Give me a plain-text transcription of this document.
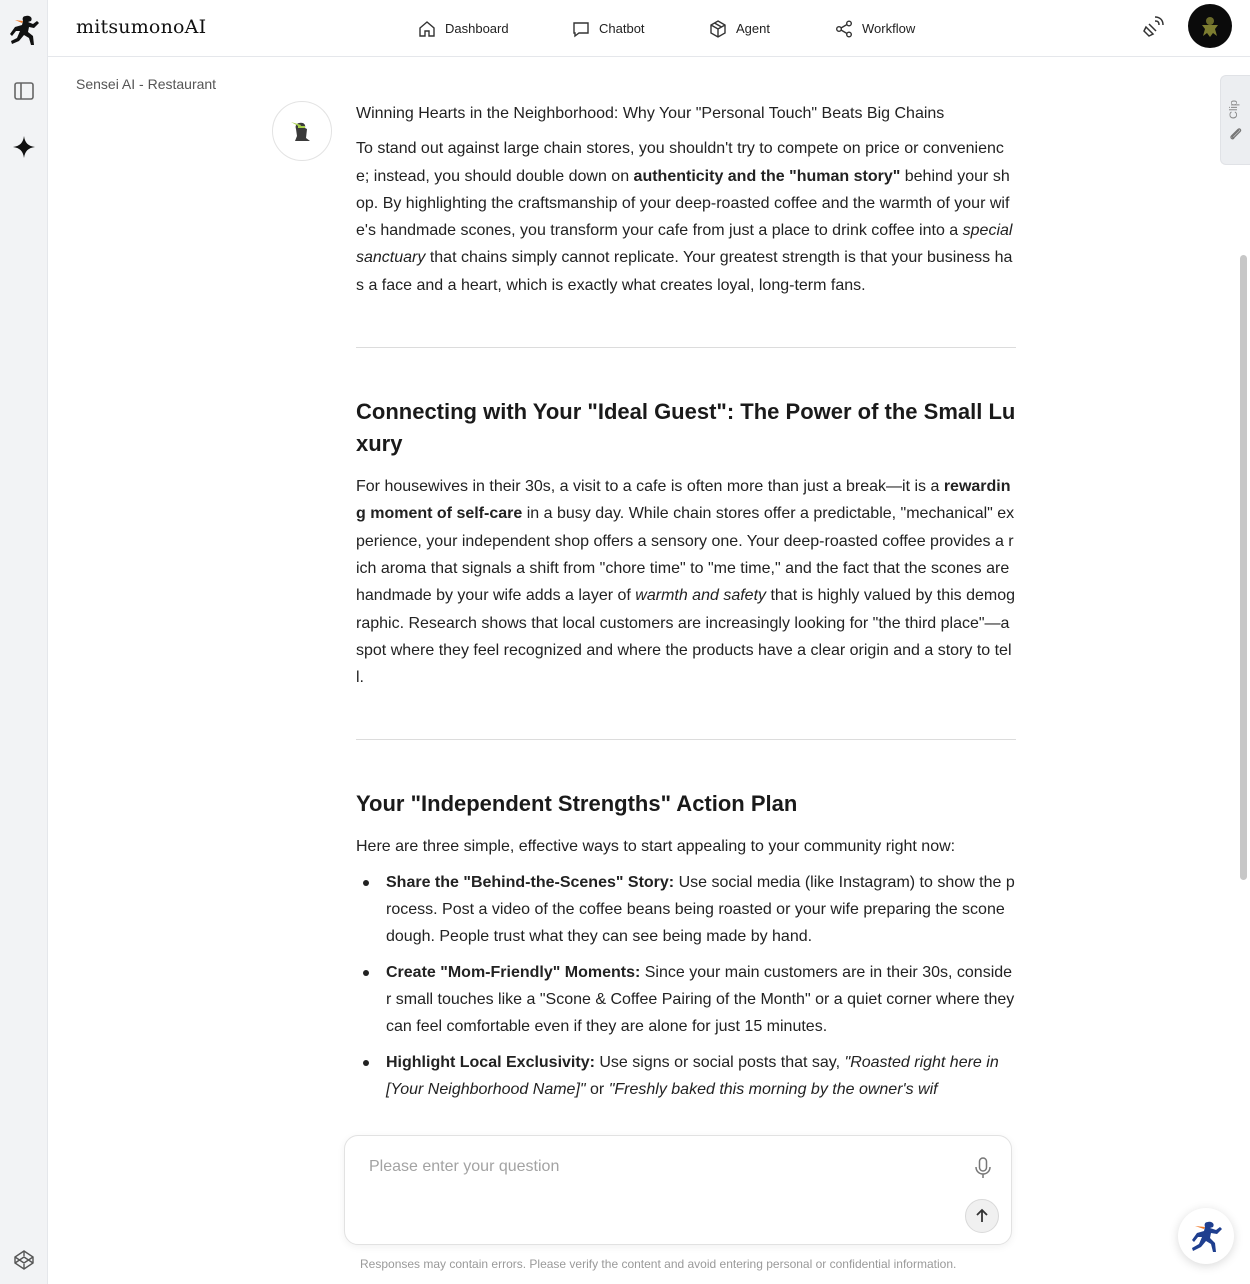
mitsumonoAI	Dashboard	Chatbot	Agent	Workflow
Sensei AI - Restaurant

Winning Hearts in the Neighborhood: Why Your "Personal Touch" Beats Big Chains

To stand out against large chain stores, you shouldn't try to compete on price or convenience; instead, you should double down on authenticity and the "human story" behind your shop. By highlighting the craftsmanship of your deep-roasted coffee and the warmth of your wife's handmade scones, you transform your cafe from just a place to drink coffee into a special sanctuary that chains simply cannot replicate. Your greatest strength is that your business has a face and a heart, which is exactly what creates loyal, long-term fans.

Connecting with Your "Ideal Guest": The Power of the Small Luxury

For housewives in their 30s, a visit to a cafe is often more than just a break—it is a rewarding moment of self-care in a busy day. While chain stores offer a predictable, "mechanical" experience, your independent shop offers a sensory one. Your deep-roasted coffee provides a rich aroma that signals a shift from "chore time" to "me time," and the fact that the scones are handmade by your wife adds a layer of warmth and safety that is highly valued by this demographic. Research shows that local customers are increasingly looking for "the third place"—a spot where they feel recognized and where the products have a clear origin and a story to tell.

Your "Independent Strengths" Action Plan

Here are three simple, effective ways to start appealing to your community right now:

Share the "Behind-the-Scenes" Story: Use social media (like Instagram) to show the process. Post a video of the coffee beans being roasted or your wife preparing the scone dough. People trust what they can see being made by hand.
Create "Mom-Friendly" Moments: Since your main customers are in their 30s, consider small touches like a "Scone & Coffee Pairing of the Month" or a quiet corner where they can feel comfortable even if they are alone for just 15 minutes.
Highlight Local Exclusivity: Use signs or social posts that say, "Roasted right here in [Your Neighborhood Name]" or "Freshly baked this morning by the owner's wif
Clip
Please enter your question
Responses may contain errors. Please verify the content and avoid entering personal or confidential information.
